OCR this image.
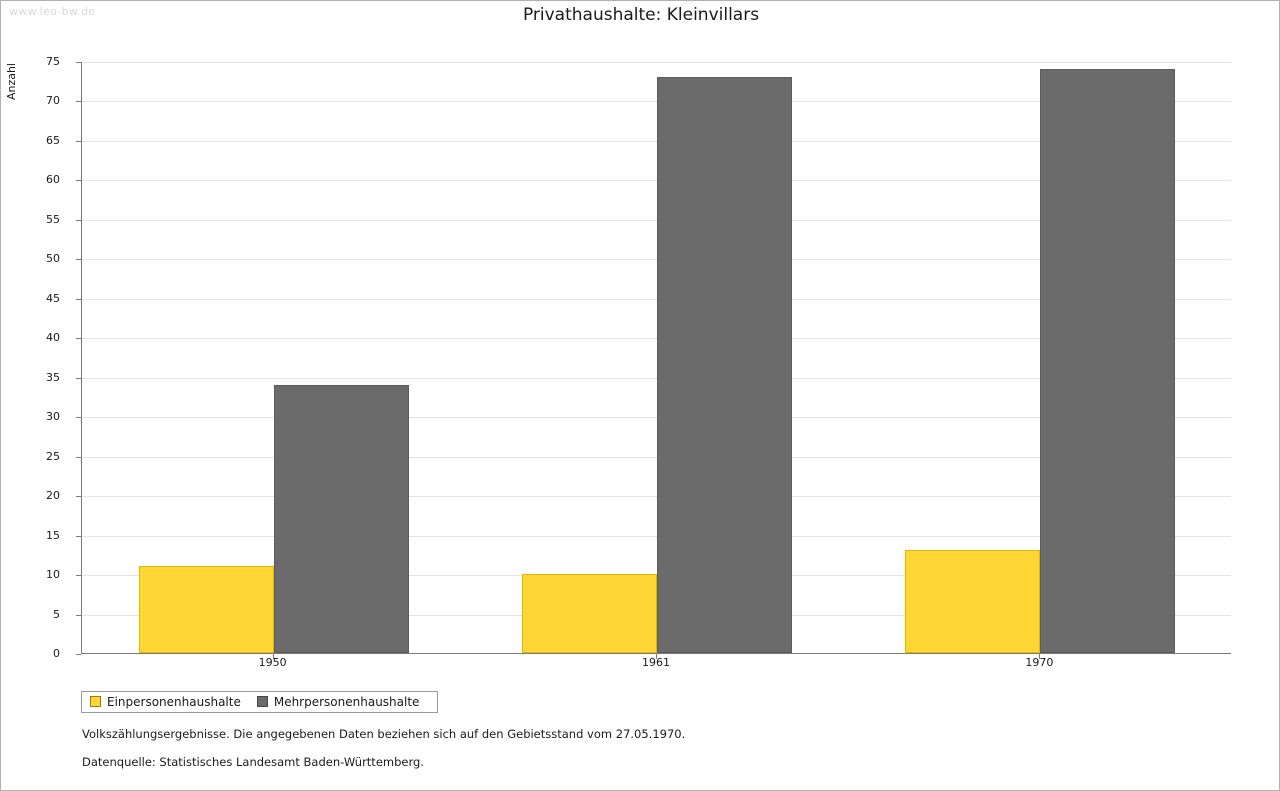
www.leo-bw.de	Privathaushalte: Kleinvillars
Anzahl
0
5
10
15
20
25
30
35
40
45
50
55
60
65
70
75
1950	1961	1970
Einpersonenhaushalte	Mehrpersonenhaushalte
Volkszählungsergebnisse. Die angegebenen Daten beziehen sich auf den Gebietsstand vom 27.05.1970.
Datenquelle: Statistisches Landesamt Baden-Württemberg.
